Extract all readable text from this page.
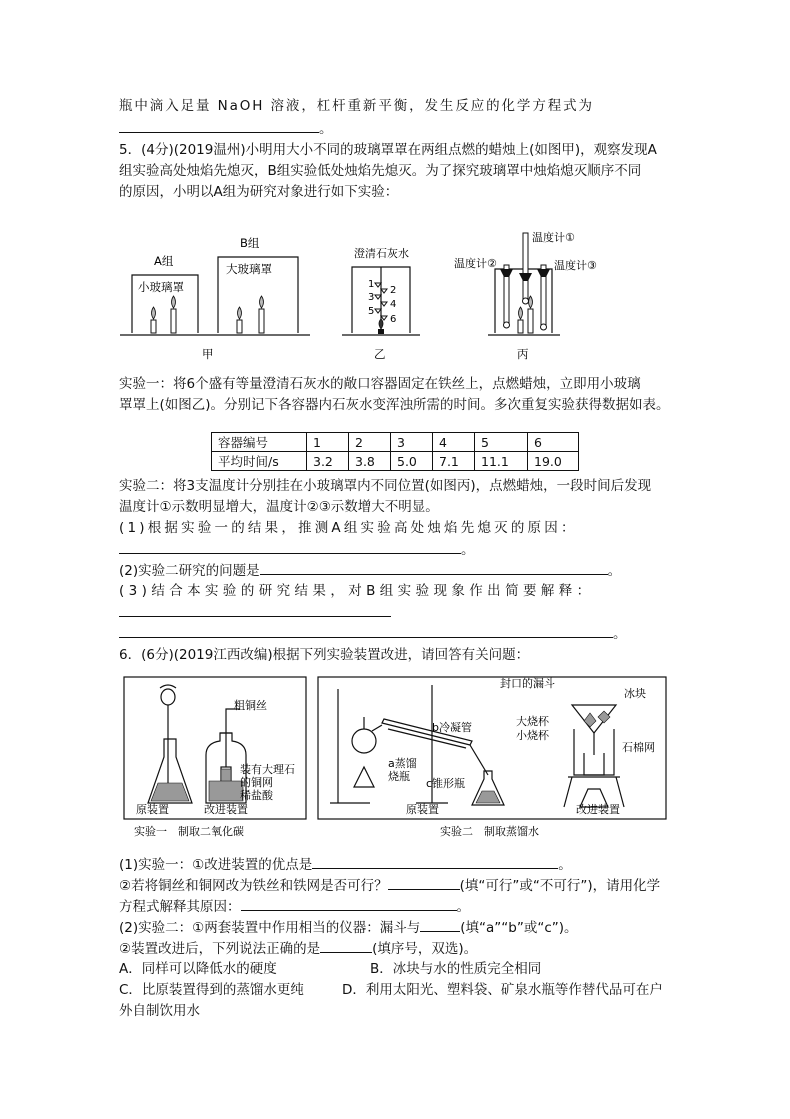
瓶中滴入足量 NaOH 溶液，杠杆重新平衡，发生反应的化学方程式为
。
5．(4分)(2019温州)小明用大小不同的玻璃罩罩在两组点燃的蜡烛上(如图甲)，观察发现A
组实验高处烛焰先熄灭，B组实验低处烛焰先熄灭。为了探究玻璃罩中烛焰熄灭顺序不同
的原因，小明以A组为研究对象进行如下实验：
A组
B组
小玻璃罩
大玻璃罩
澄清石灰水
1
2
3
4
5
6
温度计①
温度计②	温度计③
甲	乙	丙
实验一：将6个盛有等量澄清石灰水的敞口容器固定在铁丝上，点燃蜡烛，立即用小玻璃
罩罩上(如图乙)。分别记下各容器内石灰水变浑浊所需的时间。多次重复实验获得数据如表。
容器编号	1	2	3	4	5	6
平均时间/s	3.2	3.8	5.0	7.1	11.1	19.0
实验二：将3支温度计分别挂在小玻璃罩内不同位置(如图丙)，点燃蜡烛，一段时间后发现
温度计①示数明显增大，温度计②③示数增大不明显。
(1)根据实验一的结果，推测A组实验高处烛焰先熄灭的原因：
。
(2)实验二研究的问题是	。
(3)结合本实验的研究结果，对B组实验现象作出简要解释：
。
6．(6分)(2019江西改编)根据下列实验装置改进，请回答有关问题：
粗铜丝
装有大理石
的铜网
稀盐酸
原装置	改进装置
实验一　制取二氧化碳
b冷凝管
a蒸馏
烧瓶
c锥形瓶
原装置
封口的漏斗
冰块
大烧杯
小烧杯
石棉网
改进装置
实验二　制取蒸馏水
(1)实验一：①改进装置的优点是	。
②若将铜丝和铜网改为铁丝和铁网是否可行？	(填“可行”或“不可行”)，请用化学
方程式解释其原因：	。
(2)实验二：①两套装置中作用相当的仪器：漏斗与	(填“a”“b”或“c”)。
②装置改进后，下列说法正确的是	(填序号，双选)。
A．同样可以降低水的硬度	B．冰块与水的性质完全相同
C．比原装置得到的蒸馏水更纯	D．利用太阳光、塑料袋、矿泉水瓶等作替代品可在户
外自制饮用水
